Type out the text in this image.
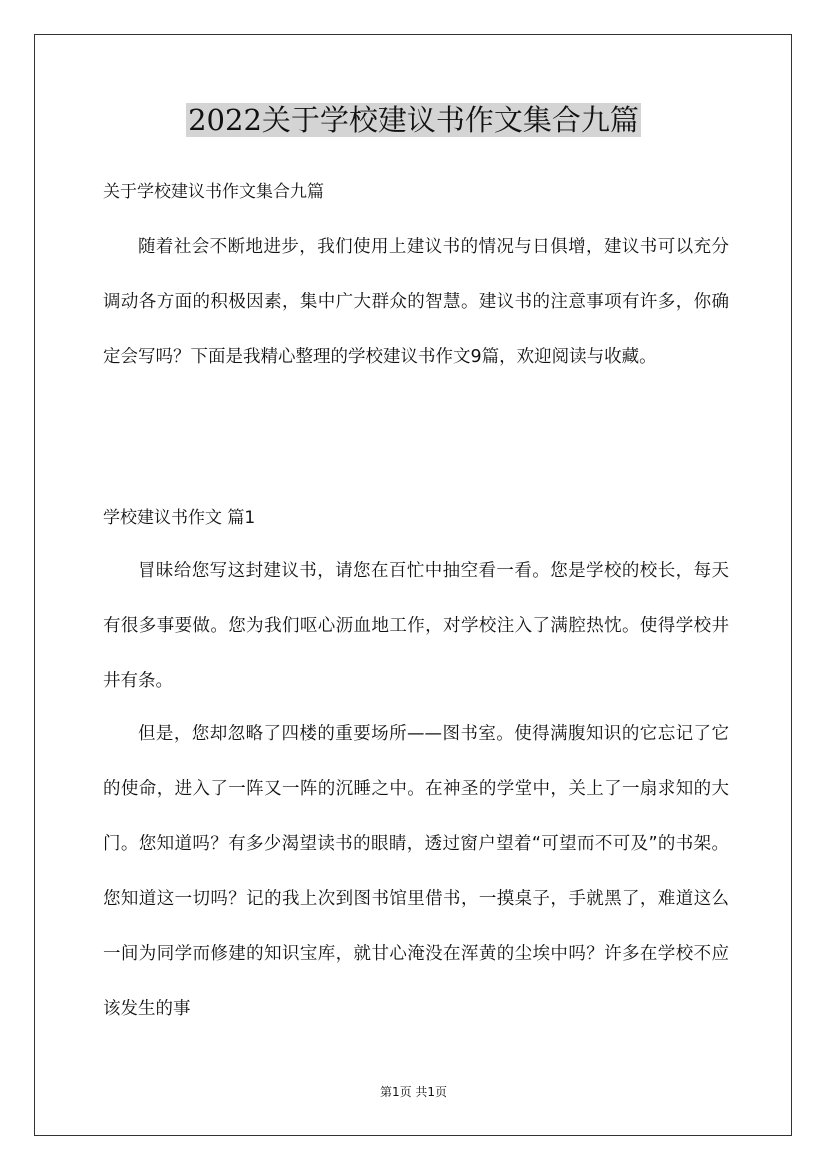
2022关于学校建议书作文集合九篇
关于学校建议书作文集合九篇

随着社会不断地进步，我们使用上建议书的情况与日俱增，建议书可以充分调动各方面的积极因素，集中广大群众的智慧。建议书的注意事项有许多，你确定会写吗？下面是我精心整理的学校建议书作文9篇，欢迎阅读与收藏。

学校建议书作文 篇1

冒昧给您写这封建议书，请您在百忙中抽空看一看。您是学校的校长，每天有很多事要做。您为我们呕心沥血地工作，对学校注入了满腔热忱。使得学校井井有条。

但是，您却忽略了四楼的重要场所——图书室。使得满腹知识的它忘记了它的使命，进入了一阵又一阵的沉睡之中。在神圣的学堂中，关上了一扇求知的大门。您知道吗？有多少渴望读书的眼睛，透过窗户望着“可望而不可及”的书架。您知道这一切吗？记的我上次到图书馆里借书，一摸桌子，手就黑了，难道这么一间为同学而修建的知识宝库，就甘心淹没在浑黄的尘埃中吗？许多在学校不应该发生的事

第1页 共1页
